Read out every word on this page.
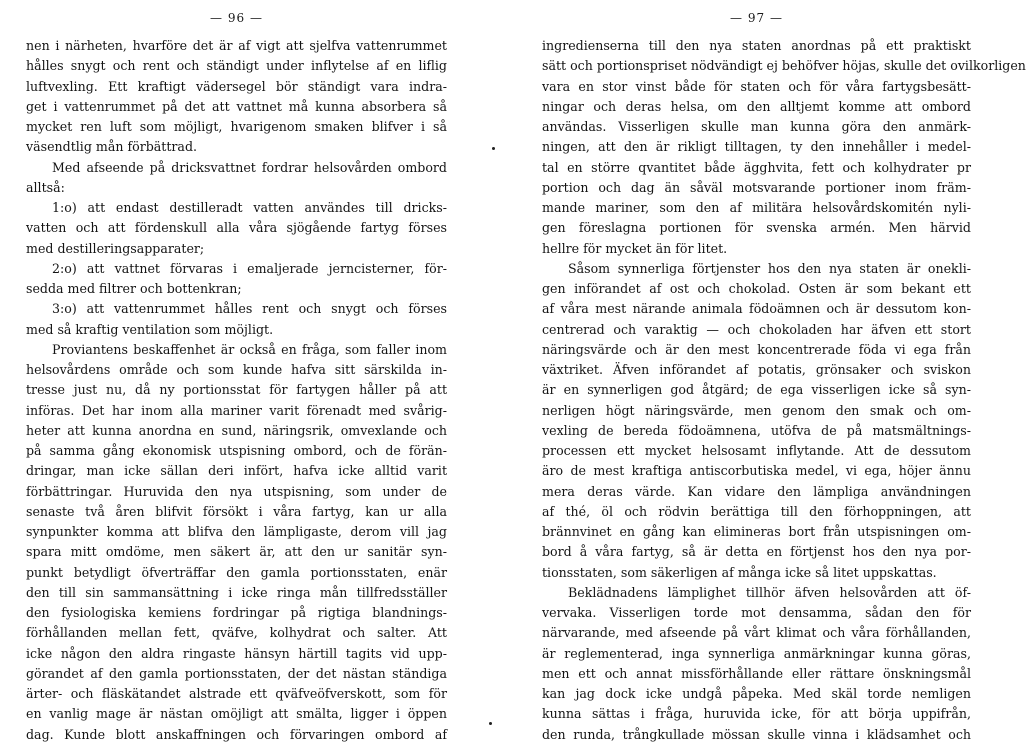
— 96 —
nen i närheten, hvarföre det är af vigt att sjelfva vattenrummet
hålles snygt och rent och ständigt under inflytelse af en liflig
luftvexling. Ett kraftigt vädersegel bör ständigt vara indra-
get i vattenrummet på det att vattnet må kunna absorbera så
mycket ren luft som möjligt, hvarigenom smaken blifver i så
väsendtlig mån förbättrad.
Med afseende på dricksvattnet fordrar helsovården ombord
alltså:
1:o) att endast destilleradt vatten användes till dricks-
vatten och att fördenskull alla våra sjögående fartyg förses
med destilleringsapparater;
2:o) att vattnet förvaras i emaljerade jerncisterner, för-
sedda med filtrer och bottenkran;
3:o) att vattenrummet hålles rent och snygt och förses
med så kraftig ventilation som möjligt.
Proviantens beskaffenhet är också en fråga, som faller inom
helsovårdens område och som kunde hafva sitt särskilda in-
tresse just nu, då ny portionsstat för fartygen håller på att
införas. Det har inom alla mariner varit förenadt med svårig-
heter att kunna anordna en sund, näringsrik, omvexlande och
på samma gång ekonomisk utspisning ombord, och de förän-
dringar, man icke sällan deri infört, hafva icke alltid varit
förbättringar. Huruvida den nya utspisning, som under de
senaste två åren blifvit försökt i våra fartyg, kan ur alla
synpunkter komma att blifva den lämpligaste, derom vill jag
spara mitt omdöme, men säkert är, att den ur sanitär syn-
punkt betydligt öfverträffar den gamla portionsstaten, enär
den till sin sammansättning i icke ringa mån tillfredsställer
den fysiologiska kemiens fordringar på rigtiga blandnings-
förhållanden mellan fett, qväfve, kolhydrat och salter. Att
icke någon den aldra ringaste hänsyn härtill tagits vid upp-
görandet af den gamla portionsstaten, der det nästan ständiga
ärter- och fläskätandet alstrade ett qväfveöfverskott, som för
en vanlig mage är nästan omöjligt att smälta, ligger i öppen
dag. Kunde blott anskaffningen och förvaringen ombord af
— 97 —
ingredienserna till den nya staten anordnas på ett praktiskt
sätt och portionspriset nödvändigt ej behöfver höjas, skulle det ovilkorligen
vara en stor vinst både för staten och för våra fartygsbesätt-
ningar och deras helsa, om den alltjemt komme att ombord
användas. Visserligen skulle man kunna göra den anmärk-
ningen, att den är rikligt tilltagen, ty den innehåller i medel-
tal en större qvantitet både ägghvita, fett och kolhydrater pr
portion och dag än såväl motsvarande portioner inom främ-
mande mariner, som den af militära helsovårdskomitén nyli-
gen föreslagna portionen för svenska armén. Men härvid
hellre för mycket än för litet.
Såsom synnerliga förtjenster hos den nya staten är onekli-
gen införandet af ost och chokolad. Osten är som bekant ett
af våra mest närande animala födoämnen och är dessutom kon-
centrerad och varaktig — och chokoladen har äfven ett stort
näringsvärde och är den mest koncentrerade föda vi ega från
växtriket. Äfven införandet af potatis, grönsaker och sviskon
är en synnerligen god åtgärd; de ega visserligen icke så syn-
nerligen högt näringsvärde, men genom den smak och om-
vexling de bereda födoämnena, utöfva de på matsmältnings-
processen ett mycket helsosamt inflytande. Att de dessutom
äro de mest kraftiga antiscorbutiska medel, vi ega, höjer ännu
mera deras värde. Kan vidare den lämpliga användningen
af thé, öl och rödvin berättiga till den förhoppningen, att
brännvinet en gång kan elimineras bort från utspisningen om-
bord å våra fartyg, så är detta en förtjenst hos den nya por-
tionsstaten, som säkerligen af många icke så litet uppskattas.
Beklädnadens lämplighet tillhör äfven helsovården att öf-
vervaka. Visserligen torde mot densamma, sådan den för
närvarande, med afseende på vårt klimat och våra förhållanden,
är reglementerad, inga synnerliga anmärkningar kunna göras,
men ett och annat missförhållande eller rättare önskningsmål
kan jag dock icke undgå påpeka. Med skäl torde nemligen
kunna sättas i fråga, huruvida icke, för att börja uppifrån,
den runda, trångkullade mössan skulle vinna i klädsamhet och
